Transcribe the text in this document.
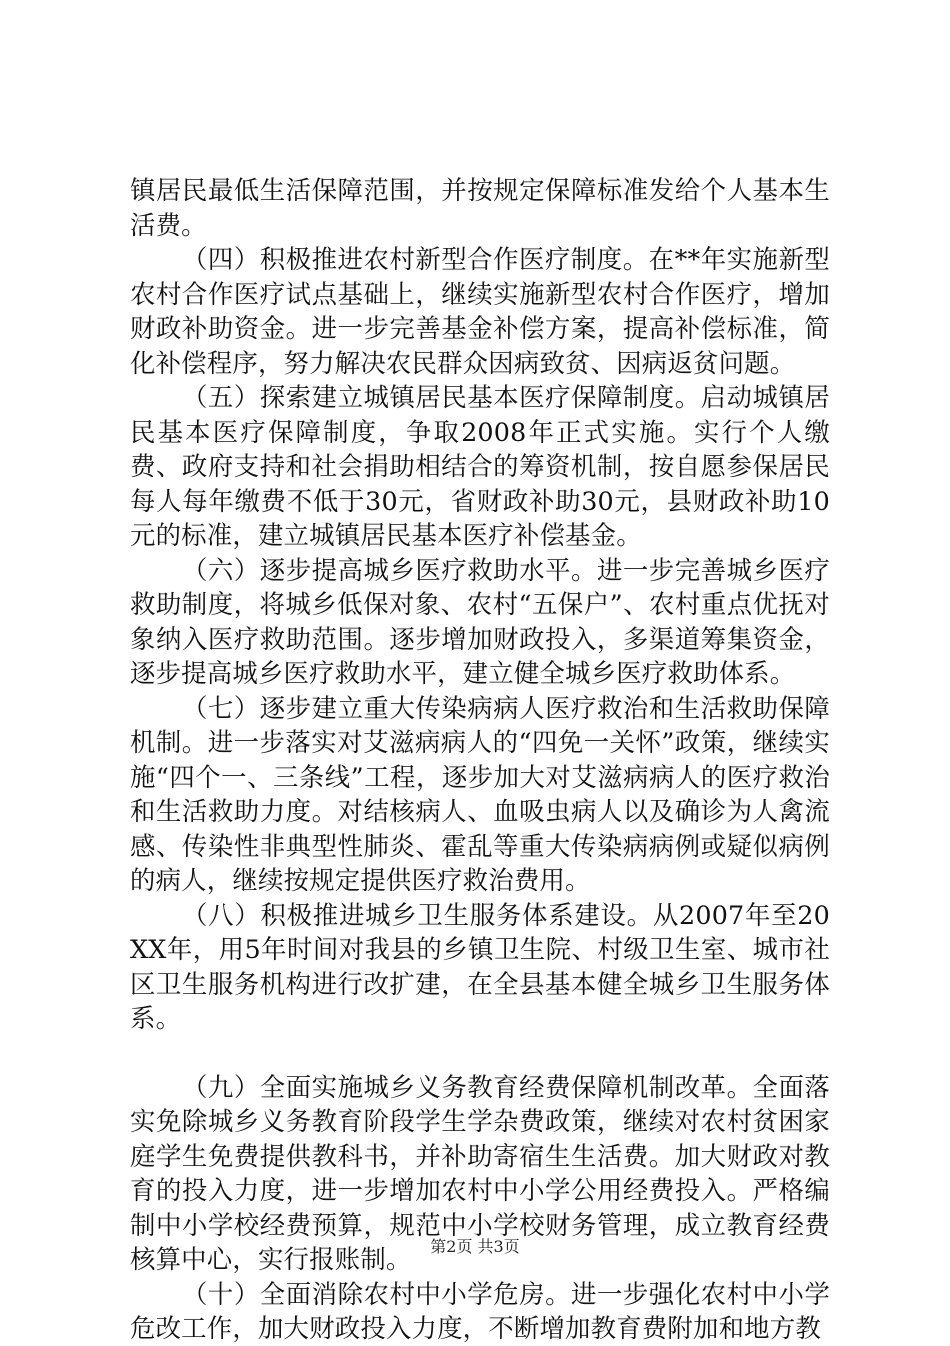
镇居民最低生活保障范围，并按规定保障标准发给个人基本生活费。

（四）积极推进农村新型合作医疗制度。在**年实施新型农村合作医疗试点基础上，继续实施新型农村合作医疗，增加财政补助资金。进一步完善基金补偿方案，提高补偿标准，简化补偿程序，努力解决农民群众因病致贫、因病返贫问题。

（五）探索建立城镇居民基本医疗保障制度。启动城镇居民基本医疗保障制度，争取2008年正式实施。实行个人缴费、政府支持和社会捐助相结合的筹资机制，按自愿参保居民每人每年缴费不低于30元，省财政补助30元，县财政补助10元的标准，建立城镇居民基本医疗补偿基金。

（六）逐步提高城乡医疗救助水平。进一步完善城乡医疗救助制度，将城乡低保对象、农村“五保户”、农村重点优抚对象纳入医疗救助范围。逐步增加财政投入，多渠道筹集资金，逐步提高城乡医疗救助水平，建立健全城乡医疗救助体系。

（七）逐步建立重大传染病病人医疗救治和生活救助保障机制。进一步落实对艾滋病病人的“四免一关怀”政策，继续实施“四个一、三条线”工程，逐步加大对艾滋病病人的医疗救治和生活救助力度。对结核病人、血吸虫病人以及确诊为人禽流感、传染性非典型性肺炎、霍乱等重大传染病病例或疑似病例的病人，继续按规定提供医疗救治费用。

（八）积极推进城乡卫生服务体系建设。从2007年至20XX年，用5年时间对我县的乡镇卫生院、村级卫生室、城市社区卫生服务机构进行改扩建，在全县基本健全城乡卫生服务体系。

（九）全面实施城乡义务教育经费保障机制改革。全面落实免除城乡义务教育阶段学生学杂费政策，继续对农村贫困家庭学生免费提供教科书，并补助寄宿生生活费。加大财政对教育的投入力度，进一步增加农村中小学公用经费投入。严格编制中小学校经费预算，规范中小学校财务管理，成立教育经费核算中心，实行报账制。

（十）全面消除农村中小学危房。进一步强化农村中小学危改工作，加大财政投入力度，不断增加教育费附加和地方教

第2页 共3页
